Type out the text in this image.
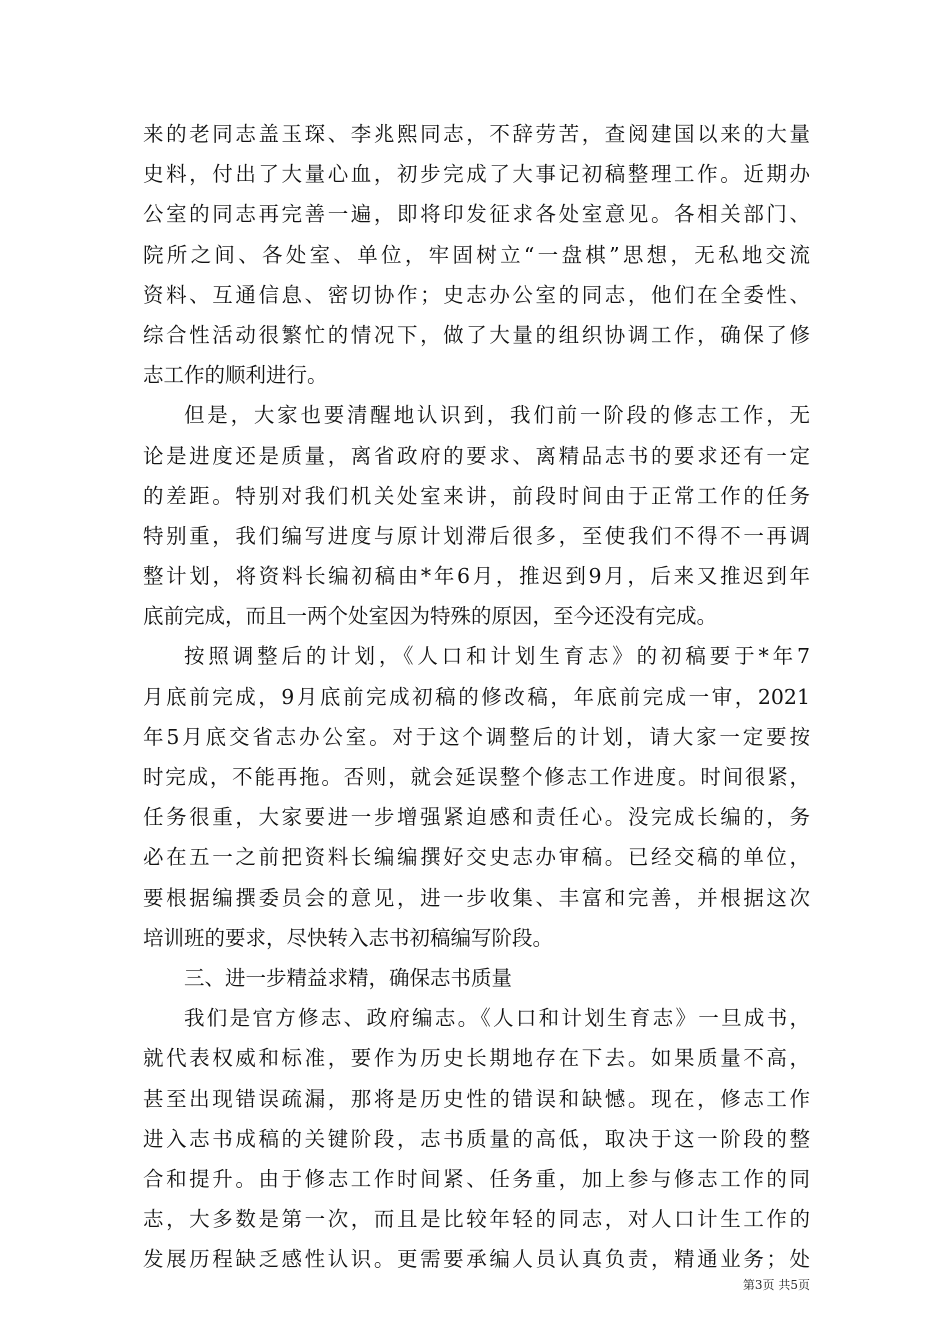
来的老同志盖玉琛、李兆熙同志，不辞劳苦，查阅建国以来的大量
史料，付出了大量心血，初步完成了大事记初稿整理工作。近期办
公室的同志再完善一遍，即将印发征求各处室意见。各相关部门、
院所之间、各处室、单位，牢固树立“一盘棋”思想，无私地交流
资料、互通信息、密切协作；史志办公室的同志，他们在全委性、
综合性活动很繁忙的情况下，做了大量的组织协调工作，确保了修
志工作的顺利进行。
但是，大家也要清醒地认识到，我们前一阶段的修志工作，无
论是进度还是质量，离省政府的要求、离精品志书的要求还有一定
的差距。特别对我们机关处室来讲，前段时间由于正常工作的任务
特别重，我们编写进度与原计划滞后很多，至使我们不得不一再调
整计划，将资料长编初稿由*年6月，推迟到9月，后来又推迟到年
底前完成，而且一两个处室因为特殊的原因，至今还没有完成。
按照调整后的计划，《人口和计划生育志》的初稿要于*年7
月底前完成，9月底前完成初稿的修改稿，年底前完成一审，2021
年5月底交省志办公室。对于这个调整后的计划，请大家一定要按
时完成，不能再拖。否则，就会延误整个修志工作进度。时间很紧，
任务很重，大家要进一步增强紧迫感和责任心。没完成长编的，务
必在五一之前把资料长编编撰好交史志办审稿。已经交稿的单位，
要根据编撰委员会的意见，进一步收集、丰富和完善，并根据这次
培训班的要求，尽快转入志书初稿编写阶段。
三、进一步精益求精，确保志书质量
我们是官方修志、政府编志。《人口和计划生育志》一旦成书，
就代表权威和标准，要作为历史长期地存在下去。如果质量不高，
甚至出现错误疏漏，那将是历史性的错误和缺憾。现在，修志工作
进入志书成稿的关键阶段，志书质量的高低，取决于这一阶段的整
合和提升。由于修志工作时间紧、任务重，加上参与修志工作的同
志，大多数是第一次，而且是比较年轻的同志，对人口计生工作的
发展历程缺乏感性认识。更需要承编人员认真负责，精通业务；处
第3页 共5页
